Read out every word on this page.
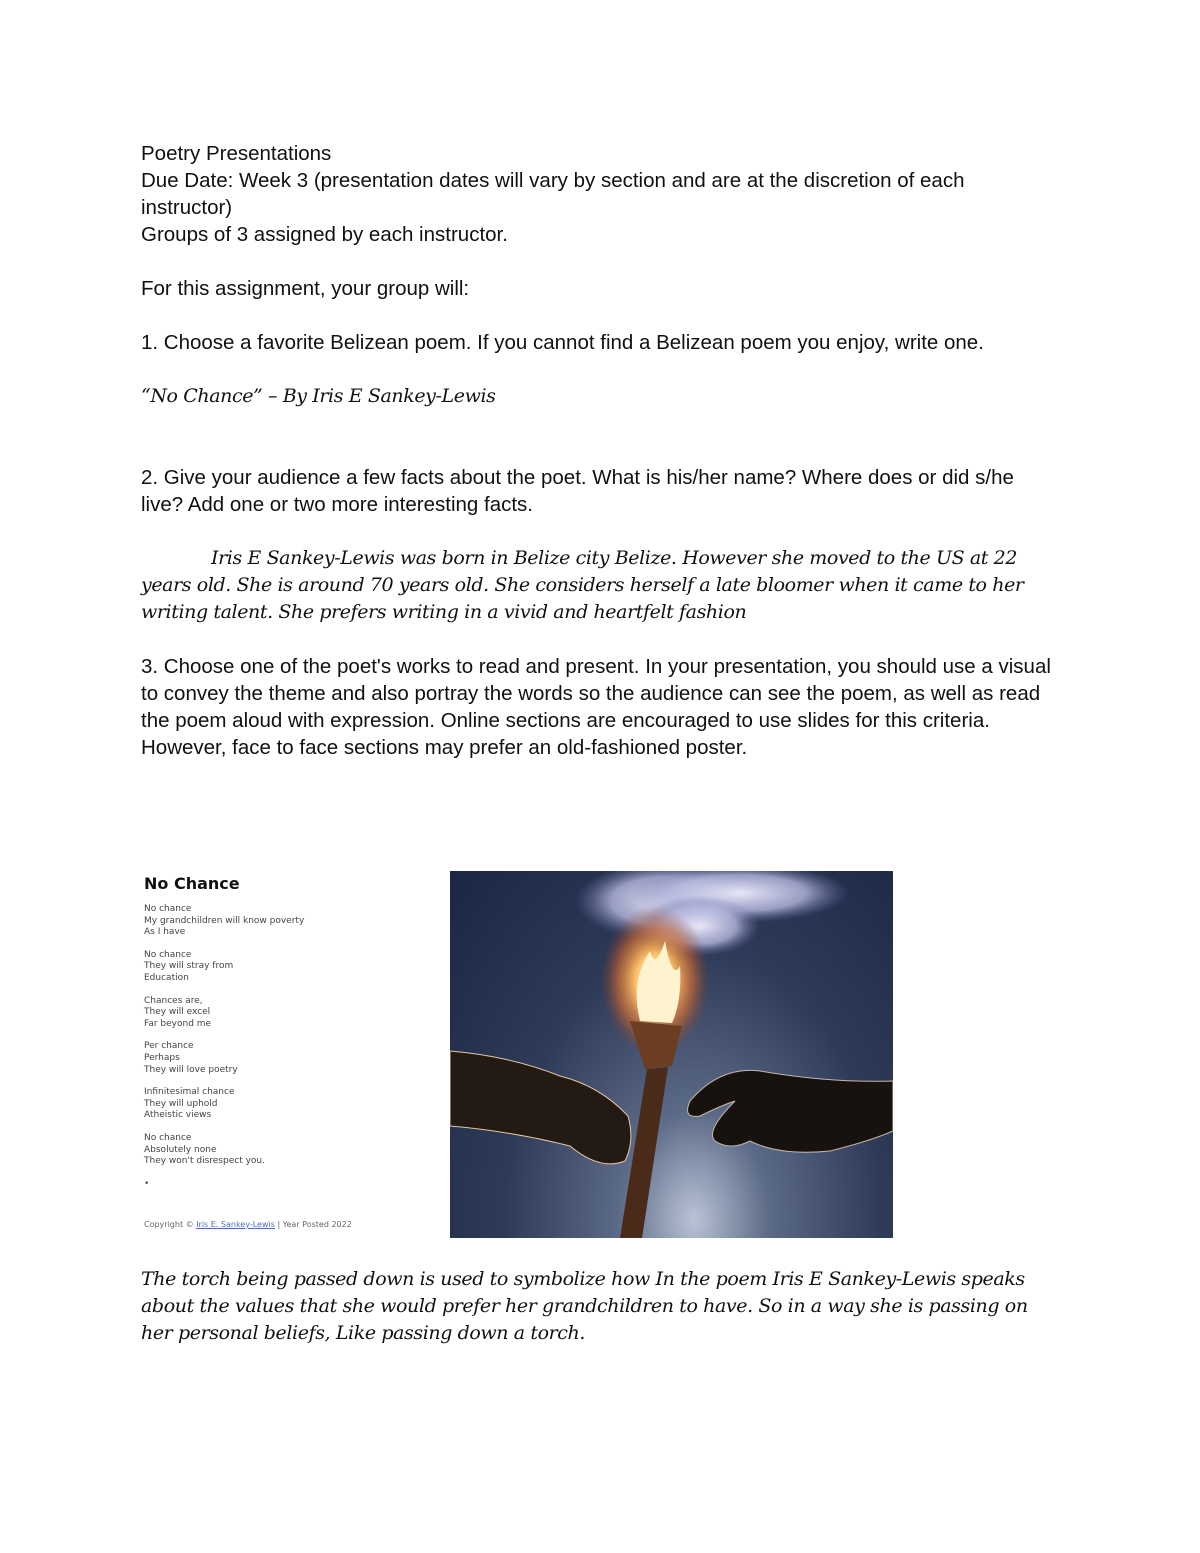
Poetry Presentations

Due Date: Week 3 (presentation dates will vary by section and are at the discretion of each instructor)

Groups of 3 assigned by each instructor.

For this assignment, your group will:

1. Choose a favorite Belizean poem. If you cannot find a Belizean poem you enjoy, write one.

“No Chance” – By Iris E Sankey-Lewis

2. Give your audience a few facts about the poet. What is his/her name? Where does or did s/he live? Add one or two more interesting facts.

Iris E Sankey-Lewis was born in Belize city Belize. However she moved to the US at 22 years old. She is around 70 years old. She considers herself a late bloomer when it came to her writing talent. She prefers writing in a vivid and heartfelt fashion

3. Choose one of the poet's works to read and present. In your presentation, you should use a visual to convey the theme and also portray the words so the audience can see the poem, as well as read the poem aloud with expression. Online sections are encouraged to use slides for this criteria. However, face to face sections may prefer an old-fashioned poster.

No Chance
No chance
My grandchildren will know poverty
As I have
No chance
They will stray from
Education
Chances are,
They will excel
Far beyond me
Per chance
Perhaps
They will love poetry
Infinitesimal chance
They will uphold
Atheistic views
No chance
Absolutely none
They won't disrespect you.
•
Copyright © Iris E. Sankey-Lewis | Year Posted 2022

The torch being passed down is used to symbolize how In the poem Iris E Sankey-Lewis speaks about the values that she would prefer her grandchildren to have. So in a way she is passing on her personal beliefs, Like passing down a torch.
